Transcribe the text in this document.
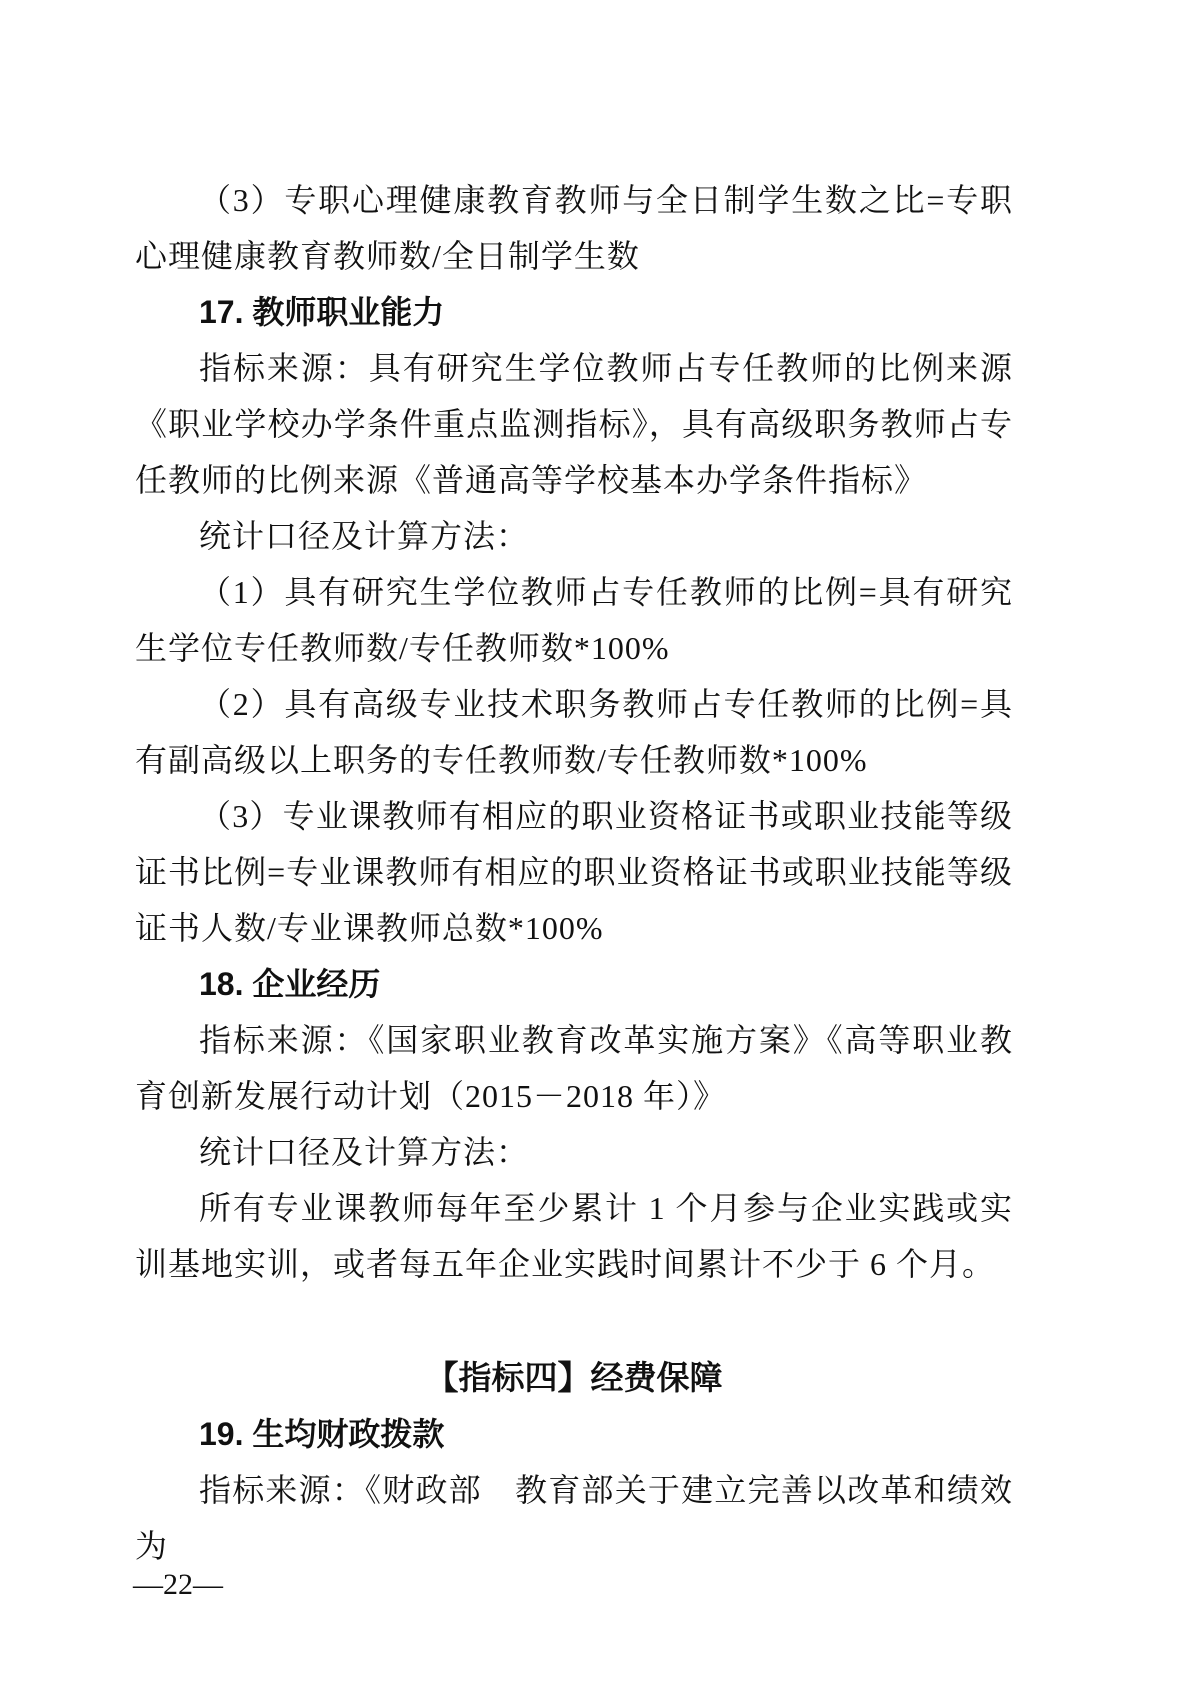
（3）专职心理健康教育教师与全日制学生数之比=专职心理健康教育教师数/全日制学生数

17. 教师职业能力

指标来源：具有研究生学位教师占专任教师的比例来源《职业学校办学条件重点监测指标》，具有高级职务教师占专任教师的比例来源《普通高等学校基本办学条件指标》

统计口径及计算方法：

（1）具有研究生学位教师占专任教师的比例=具有研究生学位专任教师数/专任教师数*100%

（2）具有高级专业技术职务教师占专任教师的比例=具有副高级以上职务的专任教师数/专任教师数*100%

（3）专业课教师有相应的职业资格证书或职业技能等级证书比例=专业课教师有相应的职业资格证书或职业技能等级证书人数/专业课教师总数*100%

18. 企业经历

指标来源：《国家职业教育改革实施方案》《高等职业教育创新发展行动计划（2015－2018 年）》

统计口径及计算方法：

所有专业课教师每年至少累计 1 个月参与企业实践或实训基地实训，或者每五年企业实践时间累计不少于 6 个月。

【指标四】经费保障

19. 生均财政拨款

指标来源：《财政部　教育部关于建立完善以改革和绩效为

—22—
